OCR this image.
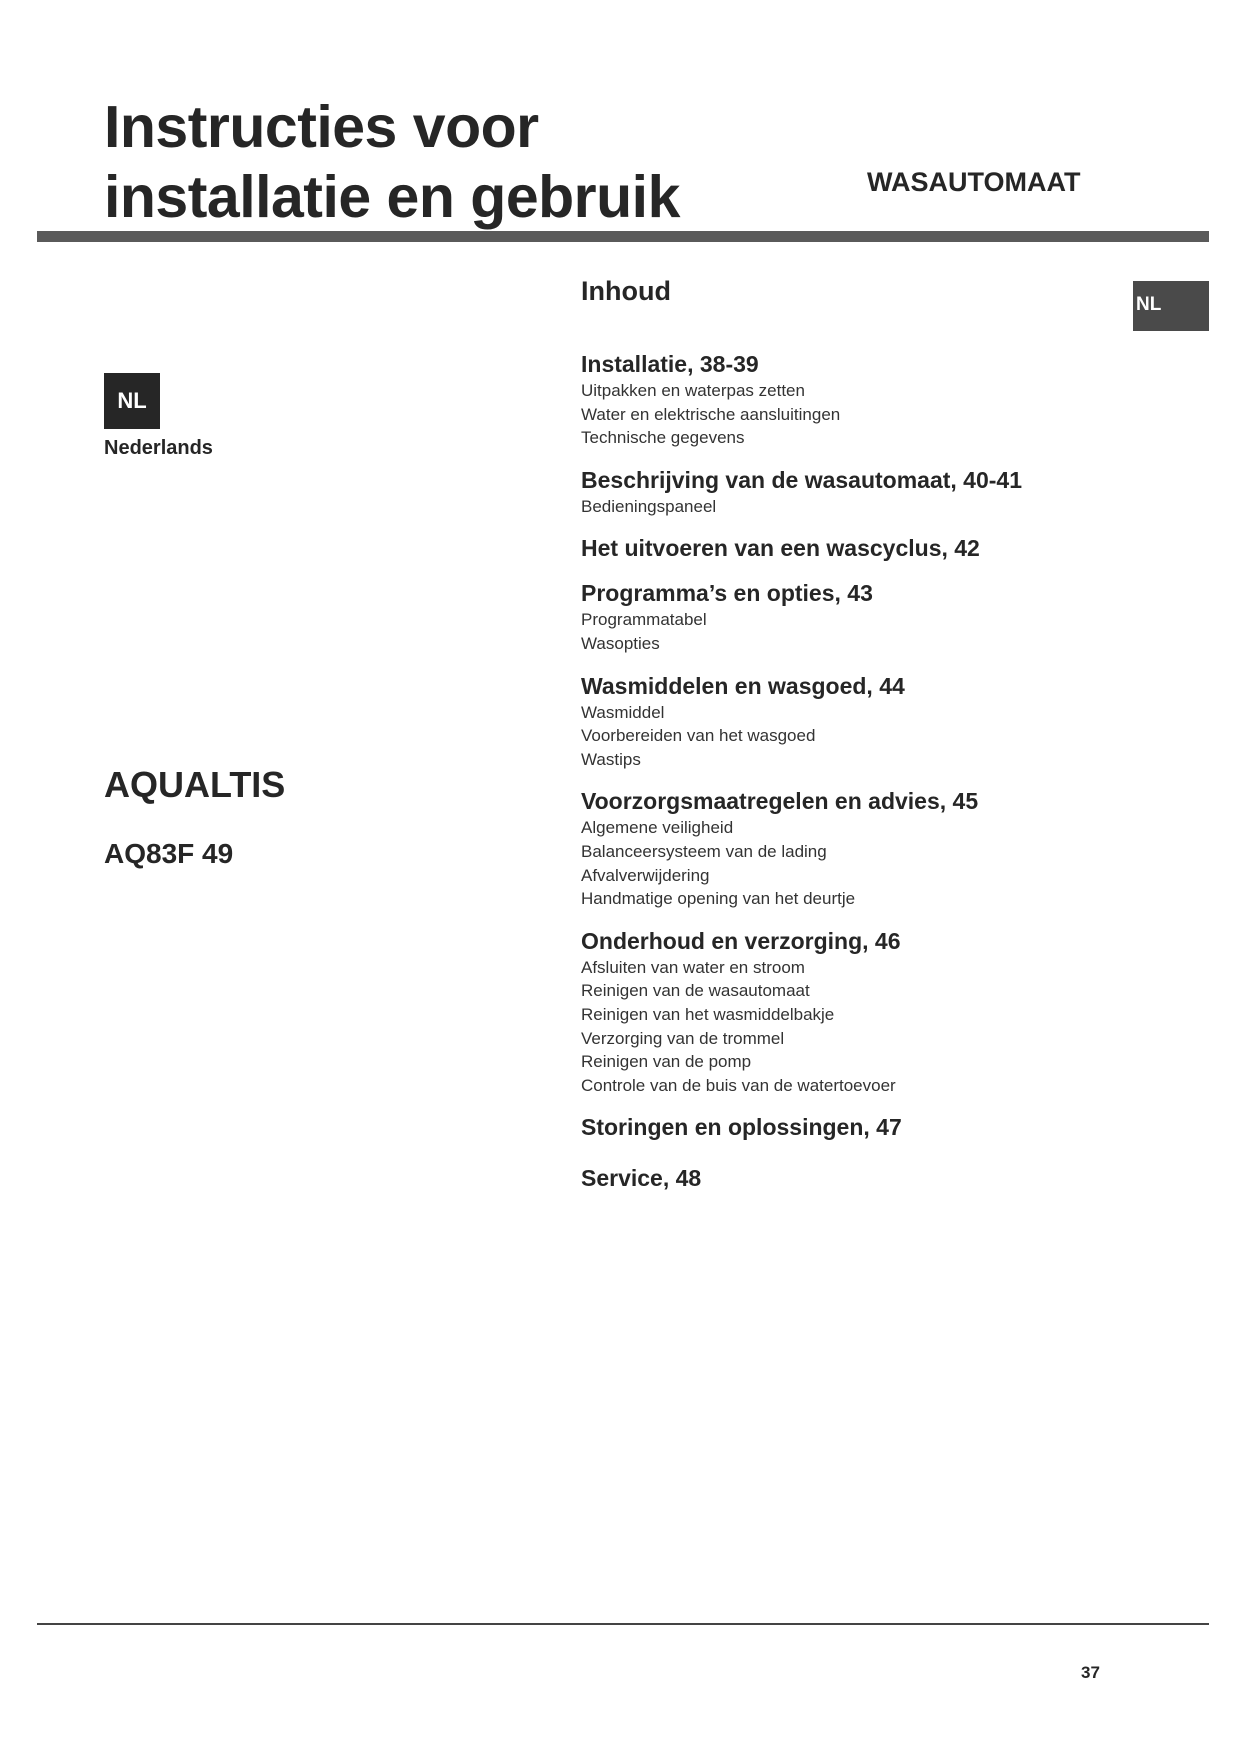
Instructies voor
installatie en gebruik	WASAUTOMAAT
NL
Nederlands
AQUALTIS
AQ83F 49
NL
Inhoud
Installatie, 38-39
Uitpakken en waterpas zetten
Water en elektrische aansluitingen
Technische gegevens
Beschrijving van de wasautomaat, 40-41
Bedieningspaneel
Het uitvoeren van een wascyclus, 42
Programma’s en opties, 43
Programmatabel
Wasopties
Wasmiddelen en wasgoed, 44
Wasmiddel
Voorbereiden van het wasgoed
Wastips
Voorzorgsmaatregelen en advies, 45
Algemene veiligheid
Balanceersysteem van de lading
Afvalverwijdering
Handmatige opening van het deurtje
Onderhoud en verzorging, 46
Afsluiten van water en stroom
Reinigen van de wasautomaat
Reinigen van het wasmiddelbakje
Verzorging van de trommel
Reinigen van de pomp
Controle van de buis van de watertoevoer
Storingen en oplossingen, 47
Service, 48
37
